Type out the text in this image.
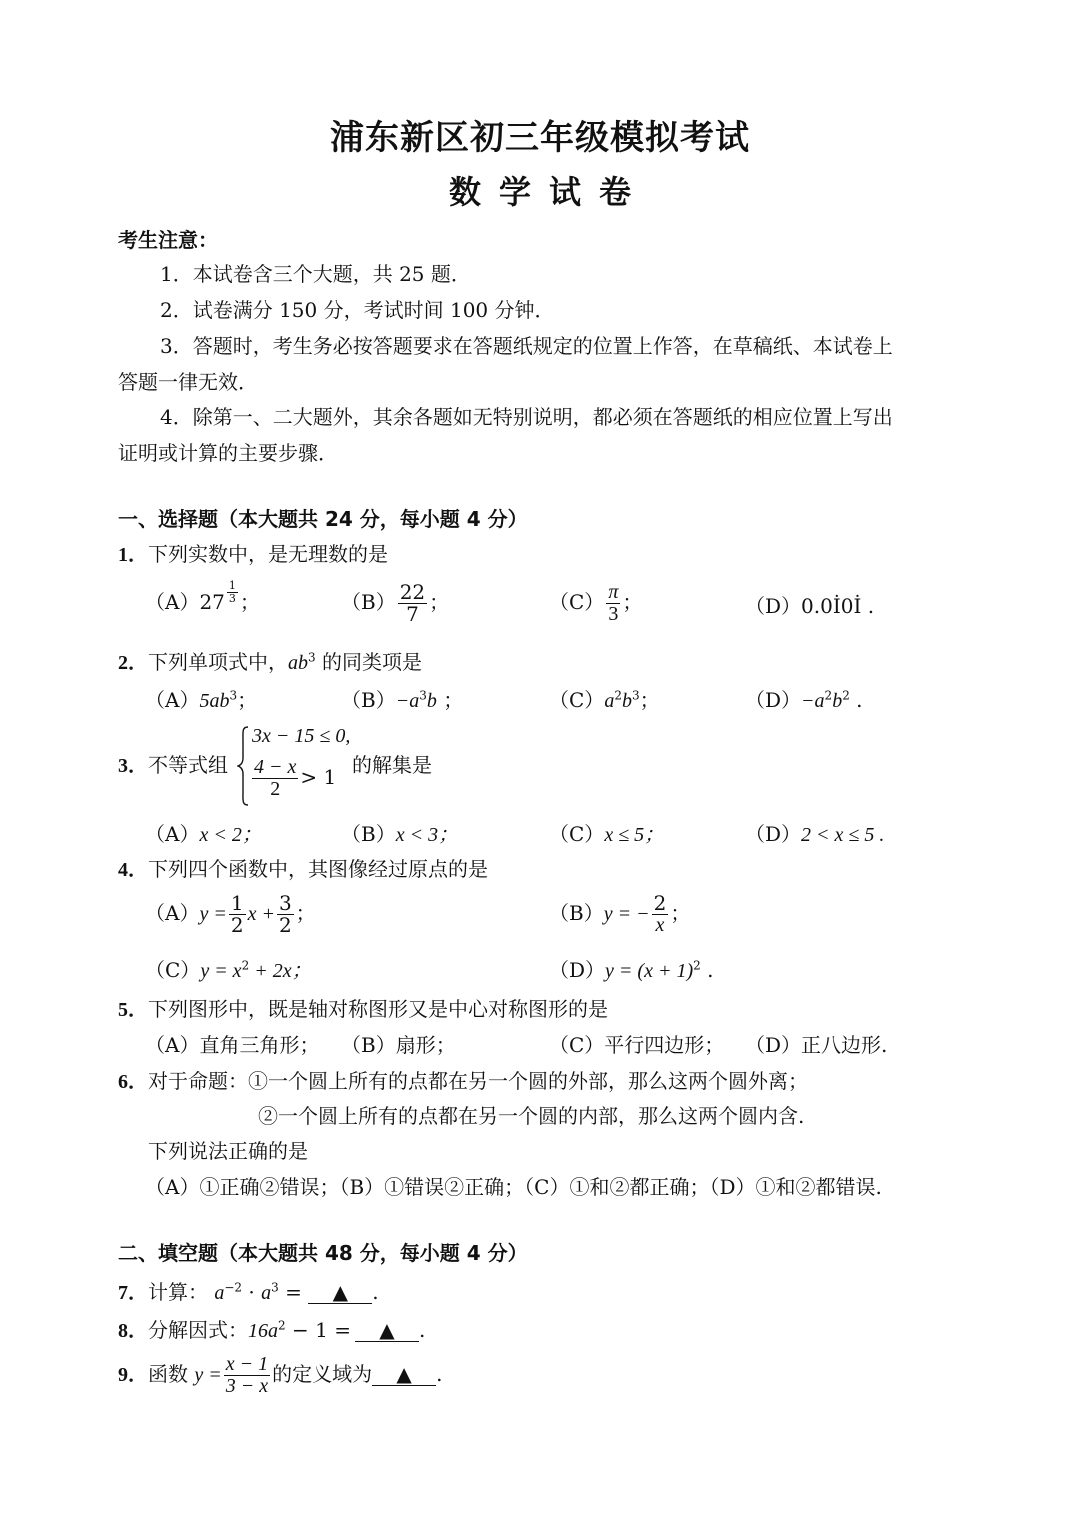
浦东新区初三年级模拟考试
数学试卷
考生注意：
1．本试卷含三个大题，共 25 题．
2．试卷满分 150 分，考试时间 100 分钟．
3．答题时，考生务必按答题要求在答题纸规定的位置上作答，在草稿纸、本试卷上
答题一律无效．
4．除第一、二大题外，其余各题如无特别说明，都必须在答题纸的相应位置上写出
证明或计算的主要步骤．
一、选择题（本大题共 24 分，每小题 4 分）
1．下列实数中，是无理数的是
$(A)27 \frac{1}{3}$ ；	$(B) \frac{22}{7}$ ；	$(C) \frac{\pi}{3}$ ；	（D）0.0İ0İ .
2．下列单项式中，$ab^3$ 的同类项是
$(A)5ab^3$；	$(B)-a^3b$ ；	$(C)a^2b^3$；	$(D)-a^2b^2$ .
3．不等式组
3x − 15 ≤ 0,
$\frac{4 - x}{2} > 1$ 的解集是
（A）x < 2；	（B）x < 3；	（C）x ≤ 5；	（D）2 < x ≤ 5 .
4．下列四个函数中，其图像经过原点的是
$(A)y = \frac{1}{2}$ $x + \frac{3}{2}$ ；	（B）y = − $\frac{2}{x}$ ；
$(C)y = x^2 + 2x$；	$(D)y = (x + 1)^2$ .
5．下列图形中，既是轴对称图形又是中心对称图形的是
（A）直角三角形； （B）扇形；	（C）平行四边形； （D）正八边形.
6．对于命题：①一个圆上所有的点都在另一个圆的外部，那么这两个圆外离；
②一个圆上所有的点都在另一个圆的内部，那么这两个圆内含.
下列说法正确的是
（A）①正确②错误；（B）①错误②正确；（C）①和②都正确；（D）①和②都错误.
二、填空题（本大题共 48 分，每小题 4 分）
7．计算： $a^{-2} \cdot a^3$ = ▲ .
8．分解因式：$16a^2 - 1$ = ▲ .
9．函数 $y = \frac{x - 1}{3 - x}$ 的定义域为 ▲ .
